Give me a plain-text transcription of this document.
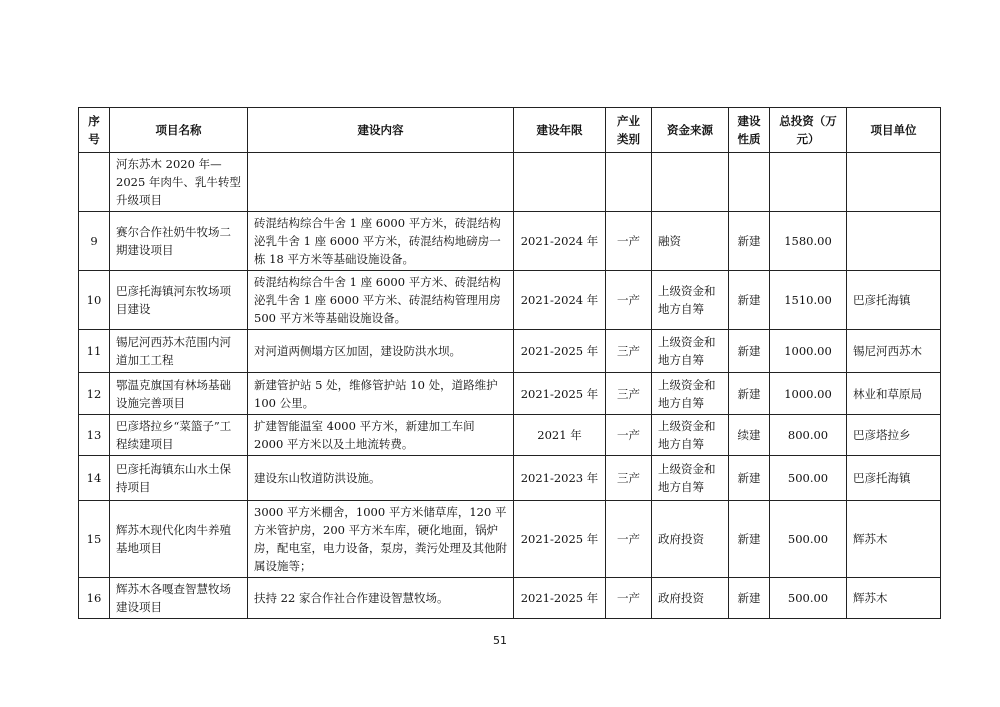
序号	项目名称	建设内容	建设年限	产业类别	资金来源	建设性质	总投资（万元）	项目单位
	河东苏木 2020 年—2025 年肉牛、乳牛转型升级项目							
9	赛尔合作社奶牛牧场二期建设项目	砖混结构综合牛舍 1 座 6000 平方米，砖混结构泌乳牛舍 1 座 6000 平方米，砖混结构地磅房一栋 18 平方米等基础设施设备。	2021-2024 年	一产	融资	新建	1580.00	
10	巴彦托海镇河东牧场项目建设	砖混结构综合牛舍 1 座 6000 平方米、砖混结构泌乳牛舍 1 座 6000 平方米、砖混结构管理用房 500 平方米等基础设施设备。	2021-2024 年	一产	上级资金和地方自筹	新建	1510.00	巴彦托海镇
11	锡尼河西苏木范围内河道加工工程	对河道两侧塌方区加固，建设防洪水坝。	2021-2025 年	三产	上级资金和地方自筹	新建	1000.00	锡尼河西苏木
12	鄂温克旗国有林场基础设施完善项目	新建管护站 5 处，维修管护站 10 处，道路维护 100 公里。	2021-2025 年	三产	上级资金和地方自筹	新建	1000.00	林业和草原局
13	巴彦塔拉乡“菜篮子”工程续建项目	扩建智能温室 4000 平方米，新建加工车间 2000 平方米以及土地流转费。	2021 年	一产	上级资金和地方自筹	续建	800.00	巴彦塔拉乡
14	巴彦托海镇东山水土保持项目	建设东山牧道防洪设施。	2021-2023 年	三产	上级资金和地方自筹	新建	500.00	巴彦托海镇
15	辉苏木现代化肉牛养殖基地项目	3000 平方米棚舍，1000 平方米储草库，120 平方米管护房，200 平方米车库，硬化地面，锅炉房，配电室，电力设备，泵房，粪污处理及其他附属设施等；	2021-2025 年	一产	政府投资	新建	500.00	辉苏木
16	辉苏木各嘎查智慧牧场建设项目	扶持 22 家合作社合作建设智慧牧场。	2021-2025 年	一产	政府投资	新建	500.00	辉苏木
51
